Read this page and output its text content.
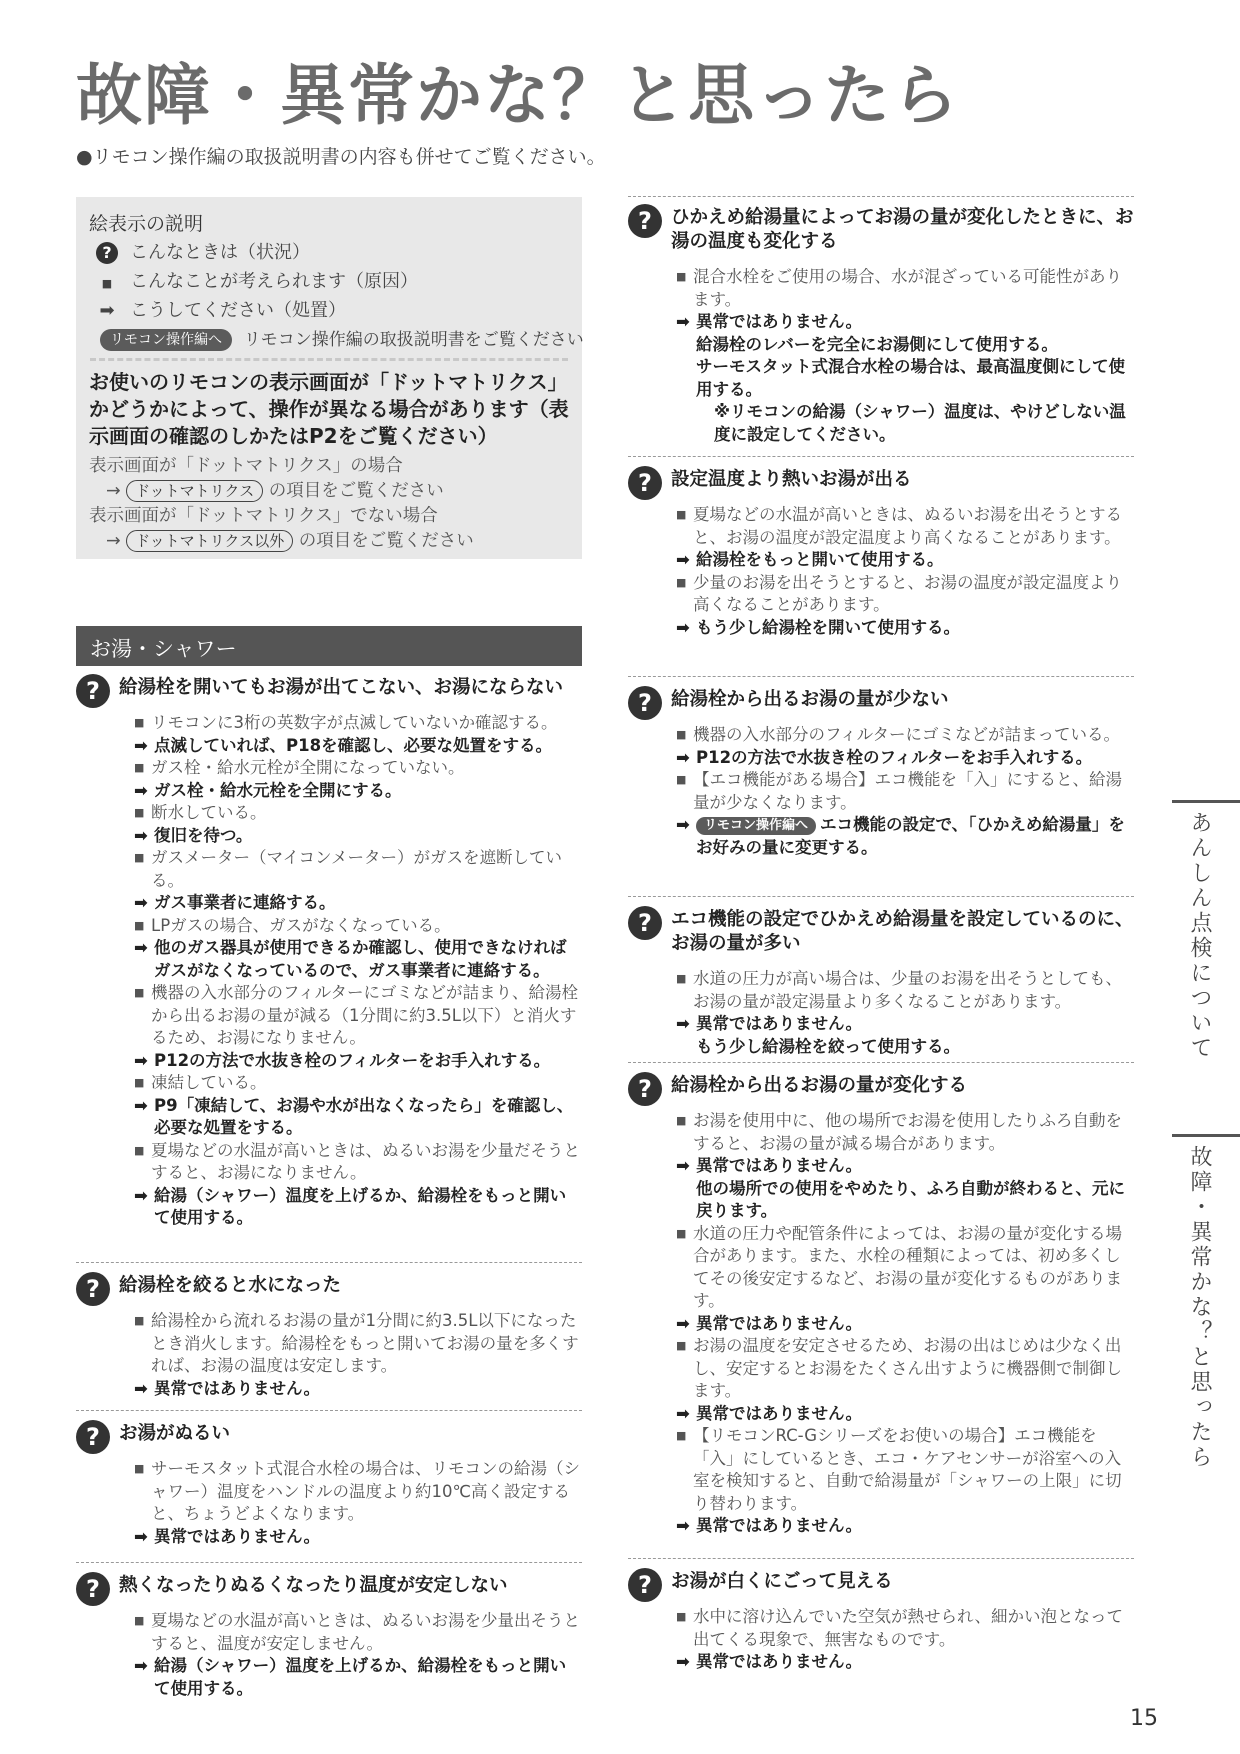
故障・異常かな？と思ったら
●リモコン操作編の取扱説明書の内容も併せてご覧ください。
絵表示の説明
? こんなときは（状況）
■ こんなことが考えられます（原因）
➡ こうしてください（処置）
リモコン操作編へ リモコン操作編の取扱説明書をご覧ください
お使いのリモコンの表示画面が「ドットマトリクス」かどうかによって、操作が異なる場合があります（表示画面の確認のしかたはP2をご覧ください）
表示画面が「ドットマトリクス」の場合
→ ドットマトリクス の項目をご覧ください
表示画面が「ドットマトリクス」でない場合
→ ドットマトリクス以外 の項目をご覧ください
お湯・シャワー
?	給湯栓を開いてもお湯が出てこない、お湯にならない
■ リモコンに3桁の英数字が点滅していないか確認する。
➡ 点滅していれば、P18を確認し、必要な処置をする。
■ ガス栓・給水元栓が全開になっていない。
➡ ガス栓・給水元栓を全開にする。
■ 断水している。
➡ 復旧を待つ。
■ ガスメーター（マイコンメーター）がガスを遮断している。
➡ ガス事業者に連絡する。
■ LPガスの場合、ガスがなくなっている。
➡ 他のガス器具が使用できるか確認し、使用できなければガスがなくなっているので、ガス事業者に連絡する。
■ 機器の入水部分のフィルターにゴミなどが詰まり、給湯栓から出るお湯の量が減る（1分間に約3.5L以下）と消火するため、お湯になりません。
➡ P12の方法で水抜き栓のフィルターをお手入れする。
■ 凍結している。
➡ P9「凍結して、お湯や水が出なくなったら」を確認し、必要な処置をする。
■ 夏場などの水温が高いときは、ぬるいお湯を少量だそうとすると、お湯になりません。
➡ 給湯（シャワー）温度を上げるか、給湯栓をもっと開いて使用する。
?	給湯栓を絞ると水になった
■ 給湯栓から流れるお湯の量が1分間に約3.5L以下になったとき消火します。給湯栓をもっと開いてお湯の量を多くすれば、お湯の温度は安定します。
➡ 異常ではありません。
?	お湯がぬるい
■ サーモスタット式混合水栓の場合は、リモコンの給湯（シャワー）温度をハンドルの温度より約10℃高く設定すると、ちょうどよくなります。
➡ 異常ではありません。
?	熱くなったりぬるくなったり温度が安定しない
■ 夏場などの水温が高いときは、ぬるいお湯を少量出そうとすると、温度が安定しません。
➡ 給湯（シャワー）温度を上げるか、給湯栓をもっと開いて使用する。
?	ひかえめ給湯量によってお湯の量が変化したときに、お湯の温度も変化する
■ 混合水栓をご使用の場合、水が混ざっている可能性があります。
➡ 異常ではありません。
給湯栓のレバーを完全にお湯側にして使用する。
サーモスタット式混合水栓の場合は、最高温度側にして使用する。
※リモコンの給湯（シャワー）温度は、やけどしない温度に設定してください。
?	設定温度より熱いお湯が出る
■ 夏場などの水温が高いときは、ぬるいお湯を出そうとすると、お湯の温度が設定温度より高くなることがあります。
➡ 給湯栓をもっと開いて使用する。
■ 少量のお湯を出そうとすると、お湯の温度が設定温度より高くなることがあります。
➡ もう少し給湯栓を開いて使用する。
?	給湯栓から出るお湯の量が少ない
■ 機器の入水部分のフィルターにゴミなどが詰まっている。
➡ P12の方法で水抜き栓のフィルターをお手入れする。
■ 【エコ機能がある場合】エコ機能を「入」にすると、給湯量が少なくなります。
➡ リモコン操作編へ エコ機能の設定で、「ひかえめ給湯量」をお好みの量に変更する。
?	エコ機能の設定でひかえめ給湯量を設定しているのに、お湯の量が多い
■ 水道の圧力が高い場合は、少量のお湯を出そうとしても、お湯の量が設定湯量より多くなることがあります。
➡ 異常ではありません。
もう少し給湯栓を絞って使用する。
?	給湯栓から出るお湯の量が変化する
■ お湯を使用中に、他の場所でお湯を使用したりふろ自動をすると、お湯の量が減る場合があります。
➡ 異常ではありません。
他の場所での使用をやめたり、ふろ自動が終わると、元に戻ります。
■ 水道の圧力や配管条件によっては、お湯の量が変化する場合があります。また、水栓の種類によっては、初め多くしてその後安定するなど、お湯の量が変化するものがあります。
➡ 異常ではありません。
■ お湯の温度を安定させるため、お湯の出はじめは少なく出し、安定するとお湯をたくさん出すように機器側で制御します。
➡ 異常ではありません。
■ 【リモコンRC-Gシリーズをお使いの場合】エコ機能を「入」にしているとき、エコ・ケアセンサーが浴室への入室を検知すると、自動で給湯量が「シャワーの上限」に切り替わります。
➡ 異常ではありません。
?	お湯が白くにごって見える
■ 水中に溶け込んでいた空気が熱せられ、細かい泡となって出てくる現象で、無害なものです。
➡ 異常ではありません。
あんしん点検について
故障・異常かな？と思ったら
15
